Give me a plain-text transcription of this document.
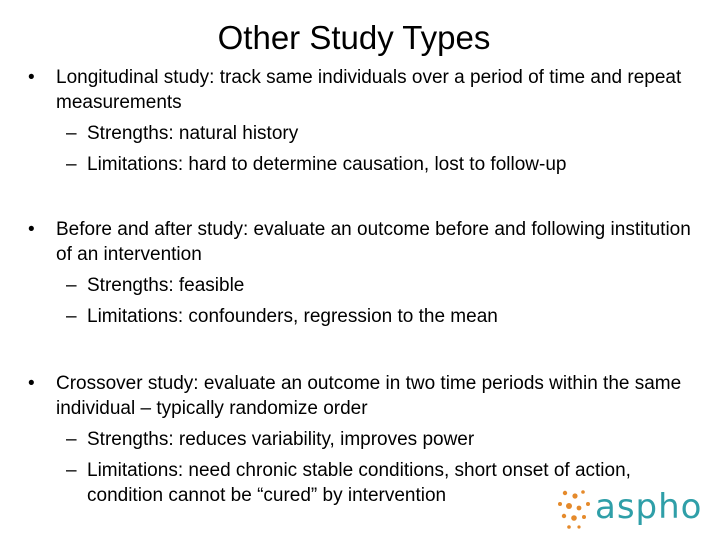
Other Study Types
• Longitudinal study: track same individuals over a period of time and repeat measurements
– Strengths: natural history
– Limitations: hard to determine causation, lost to follow-up
• Before and after study: evaluate an outcome before and following institution of an intervention
– Strengths: feasible
– Limitations: confounders, regression to the mean
• Crossover study: evaluate an outcome in two time periods within the same individual – typically randomize order
– Strengths: reduces variability, improves power
– Limitations: need chronic stable conditions, short onset of action, condition cannot be “cured” by intervention	aspho
